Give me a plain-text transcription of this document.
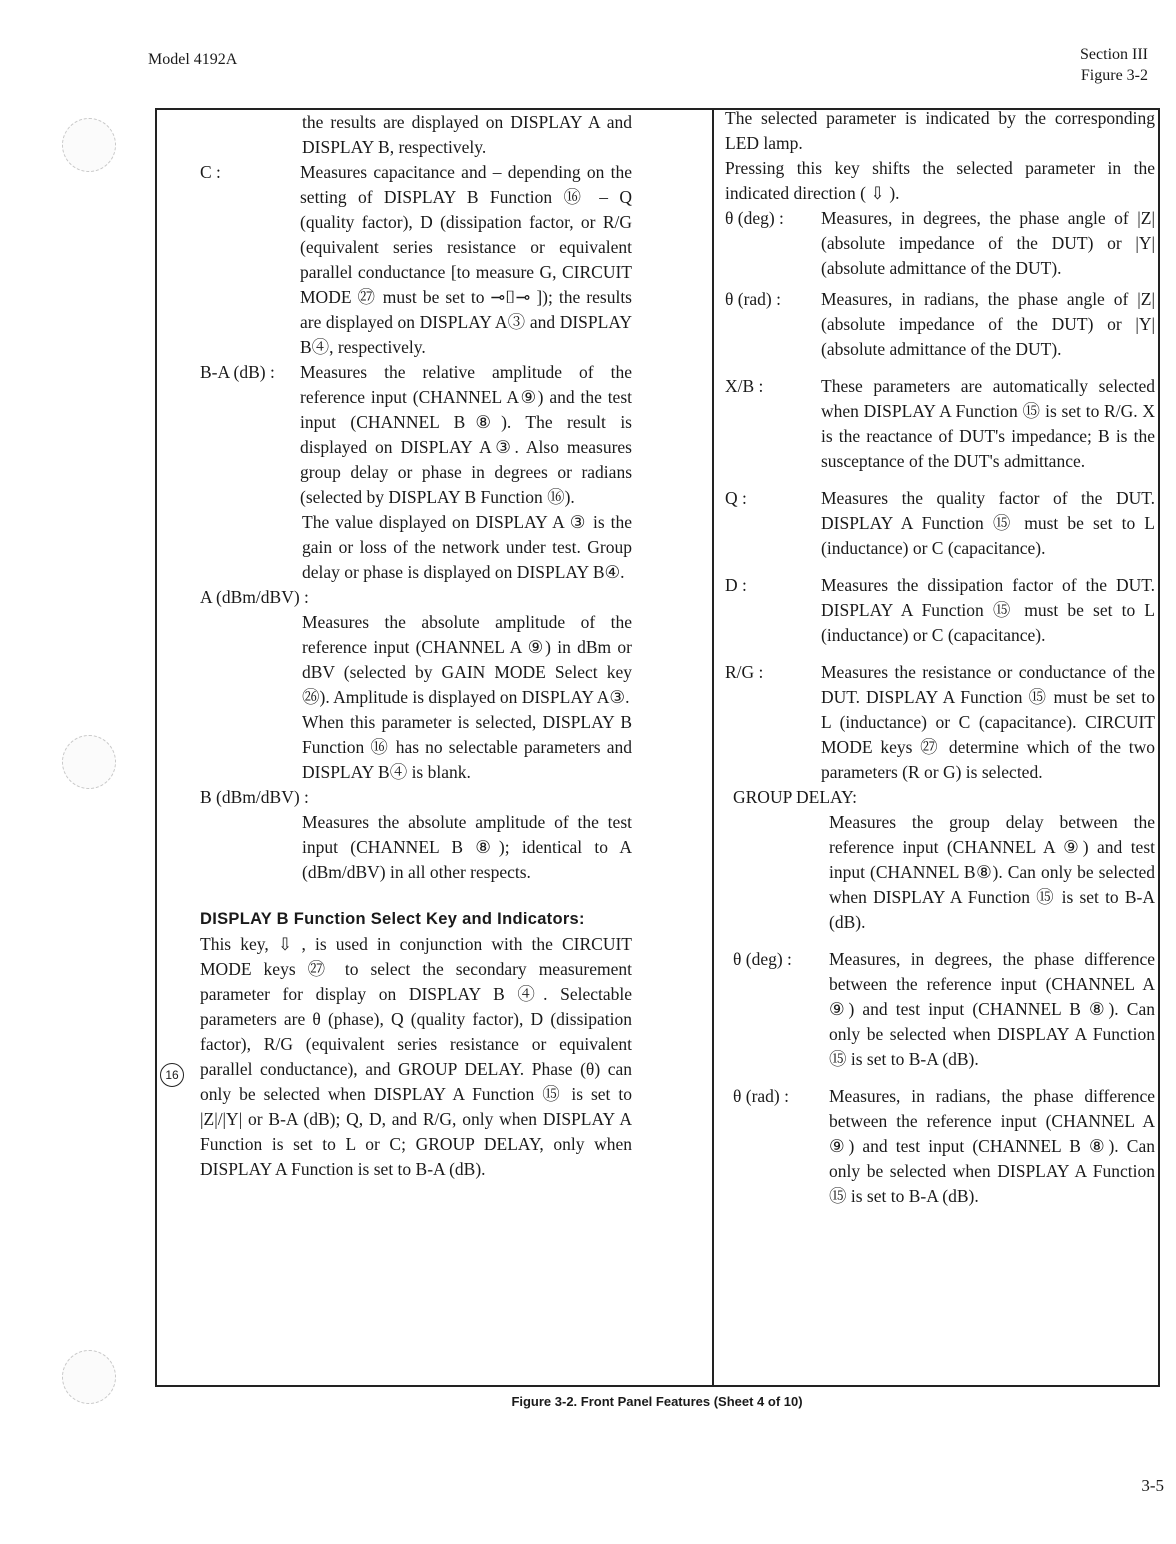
Model 4192A	Section III
Figure 3-2

the results are displayed on DISPLAY A and DISPLAY B, respectively.

C :	Measures capacitance and – depending on the setting of DISPLAY B Function ⑯ – Q (quality factor), D (dissipation factor, or R/G (equivalent series resistance or equivalent parallel conductance [to measure G, CIRCUIT MODE ㉗ must be set to ⊸⌷⊸ ]); the results are displayed on DISPLAY A③ and DISPLAY B④, respectively.
B-A (dB) :	Measures the relative amplitude of the reference input (CHANNEL A⑨) and the test input (CHANNEL B⑧). The result is displayed on DISPLAY A③. Also measures group delay or phase in degrees or radians (selected by DISPLAY B Function ⑯).

The value displayed on DISPLAY A ③ is the gain or loss of the network under test. Group delay or phase is displayed on DISPLAY B④.

A (dBm/dBV) :

Measures the absolute amplitude of the reference input (CHANNEL A ⑨) in dBm or dBV (selected by GAIN MODE Select key ㉖). Amplitude is displayed on DISPLAY A③.

When this parameter is selected, DISPLAY B Function ⑯ has no selectable parameters and DISPLAY B④ is blank.

B (dBm/dBV) :

Measures the absolute amplitude of the test input (CHANNEL B ⑧); identical to A (dBm/dBV) in all other respects.

DISPLAY B Function Select Key and Indicators:

This key, ⇩ , is used in conjunction with the CIRCUIT MODE keys ㉗ to select the secondary measurement parameter for display on DISPLAY B ④. Selectable parameters are θ (phase), Q (quality factor), D (dissipation factor), R/G (equivalent series resistance or equivalent parallel conductance), and GROUP DELAY. Phase (θ) can only be selected when DISPLAY A Function ⑮ is set to |Z|/|Y| or B-A (dB); Q, D, and R/G, only when DISPLAY A Function is set to L or C; GROUP DELAY, only when DISPLAY A Function is set to B-A (dB).

16

The selected parameter is indicated by the corresponding LED lamp.

Pressing this key shifts the selected parameter in the indicated direction ( ⇩ ).

θ (deg) :	Measures, in degrees, the phase angle of |Z| (absolute impedance of the DUT) or |Y| (absolute admittance of the DUT).
θ (rad) :	Measures, in radians, the phase angle of |Z| (absolute impedance of the DUT) or |Y| (absolute admittance of the DUT).
X/B :	These parameters are automatically selected when DISPLAY A Function ⑮ is set to R/G. X is the reactance of DUT's impedance; B is the susceptance of the DUT's admittance.
Q :	Measures the quality factor of the DUT. DISPLAY A Function ⑮ must be set to L (inductance) or C (capacitance).
D :	Measures the dissipation factor of the DUT. DISPLAY A Function ⑮ must be set to L (inductance) or C (capacitance).
R/G :	Measures the resistance or conductance of the DUT. DISPLAY A Function ⑮ must be set to L (inductance) or C (capacitance). CIRCUIT MODE keys ㉗ determine which of the two parameters (R or G) is selected.
GROUP DELAY:

Measures the group delay between the reference input (CHANNEL A ⑨) and test input (CHANNEL B⑧). Can only be selected when DISPLAY A Function ⑮ is set to B-A (dB).

θ (deg) :	Measures, in degrees, the phase difference between the reference input (CHANNEL A ⑨) and test input (CHANNEL B ⑧). Can only be selected when DISPLAY A Function ⑮ is set to B-A (dB).
θ (rad) :	Measures, in radians, the phase difference between the reference input (CHANNEL A ⑨) and test input (CHANNEL B ⑧). Can only be selected when DISPLAY A Function ⑮ is set to B-A (dB).
Figure 3-2. Front Panel Features (Sheet 4 of 10)
3-5
